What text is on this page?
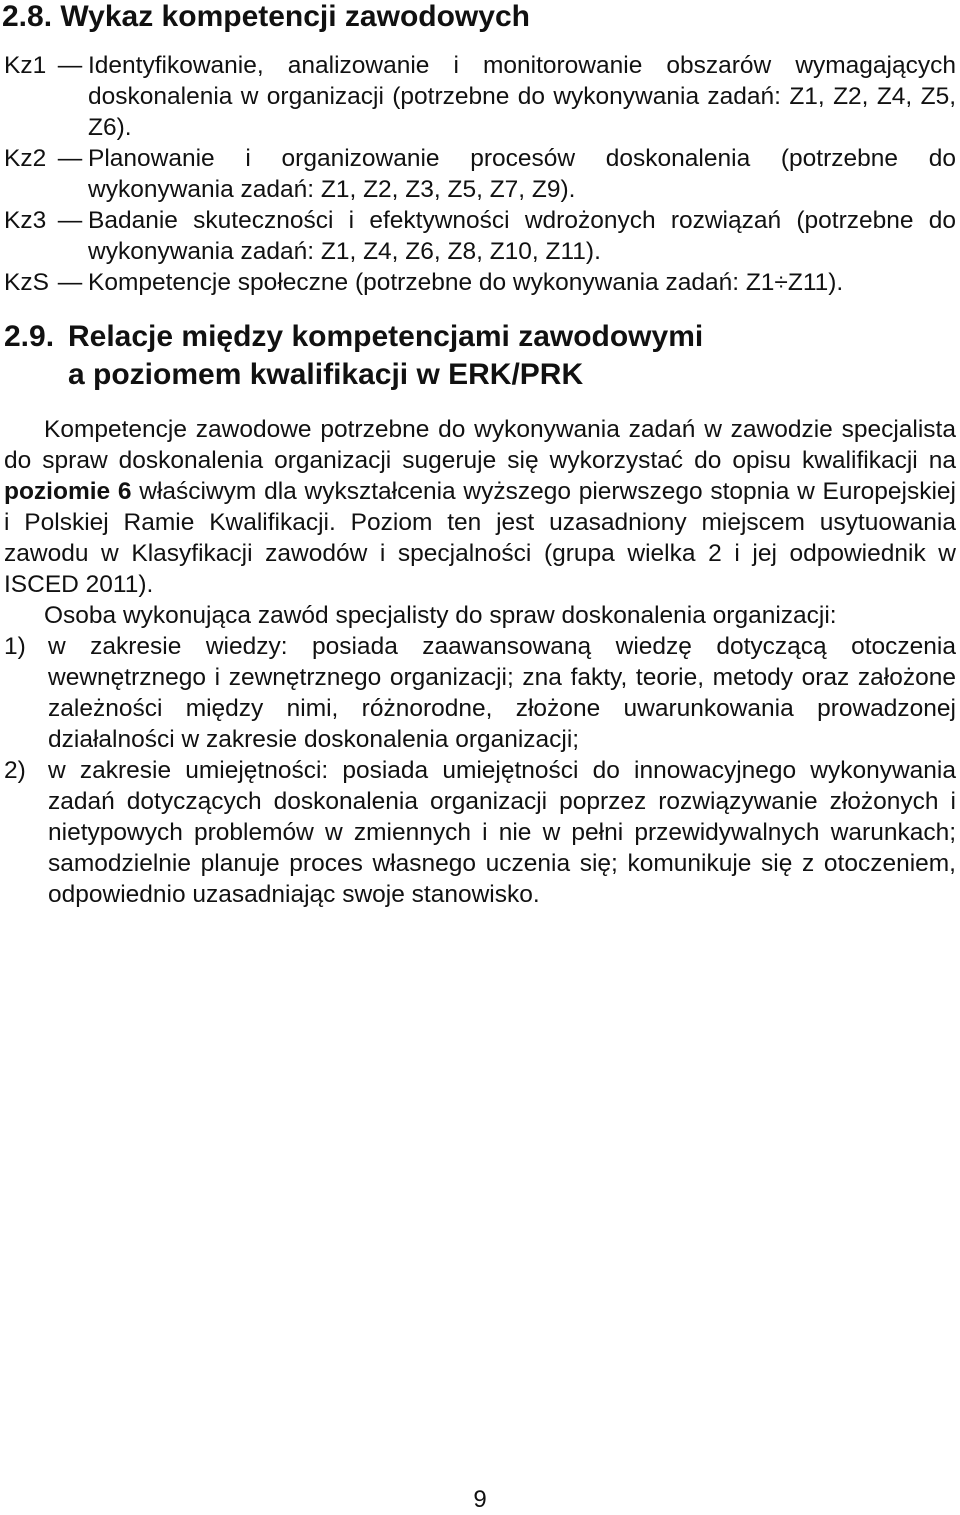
2.8. Wykaz kompetencji zawodowych
Kz1 — Identyfikowanie, analizowanie i monitorowanie obszarów wymagających doskonalenia w organizacji (potrzebne do wykonywania zadań: Z1, Z2, Z4, Z5, Z6).
Kz2 — Planowanie i organizowanie procesów doskonalenia (potrzebne do wykonywania zadań: Z1, Z2, Z3, Z5, Z7, Z9).
Kz3 — Badanie skuteczności i efektywności wdrożonych rozwiązań (potrzebne do wykonywania zadań: Z1, Z4, Z6, Z8, Z10, Z11).
KzS — Kompetencje społeczne (potrzebne do wykonywania zadań: Z1÷Z11).
2.9. Relacje między kompetencjami zawodowymi
a poziomem kwalifikacji w ERK/PRK

Kompetencje zawodowe potrzebne do wykonywania zadań w zawodzie specjalista do spraw doskonalenia organizacji sugeruje się wykorzystać do opisu kwalifikacji na poziomie 6 właściwym dla wykształcenia wyższego pierwszego stopnia w Europejskiej i Polskiej Ramie Kwalifikacji. Poziom ten jest uzasadniony miejscem usytuowania zawodu w Klasyfikacji zawodów i specjalności (grupa wielka 2 i jej odpowiednik w ISCED 2011).

Osoba wykonująca zawód specjalisty do spraw doskonalenia organizacji:

1) w zakresie wiedzy: posiada zaawansowaną wiedzę dotyczącą otoczenia wewnętrznego i zewnętrznego organizacji; zna fakty, teorie, metody oraz założone zależności między nimi, różnorodne, złożone uwarunkowania prowadzonej działalności w zakresie doskonalenia organizacji;
2) w zakresie umiejętności: posiada umiejętności do innowacyjnego wykonywania zadań dotyczących doskonalenia organizacji poprzez rozwiązywanie złożonych i nietypowych problemów w zmiennych i nie w pełni przewidywalnych warunkach; samodzielnie planuje proces własnego uczenia się; komunikuje się z otoczeniem, odpowiednio uzasadniając swoje stanowisko.
9
